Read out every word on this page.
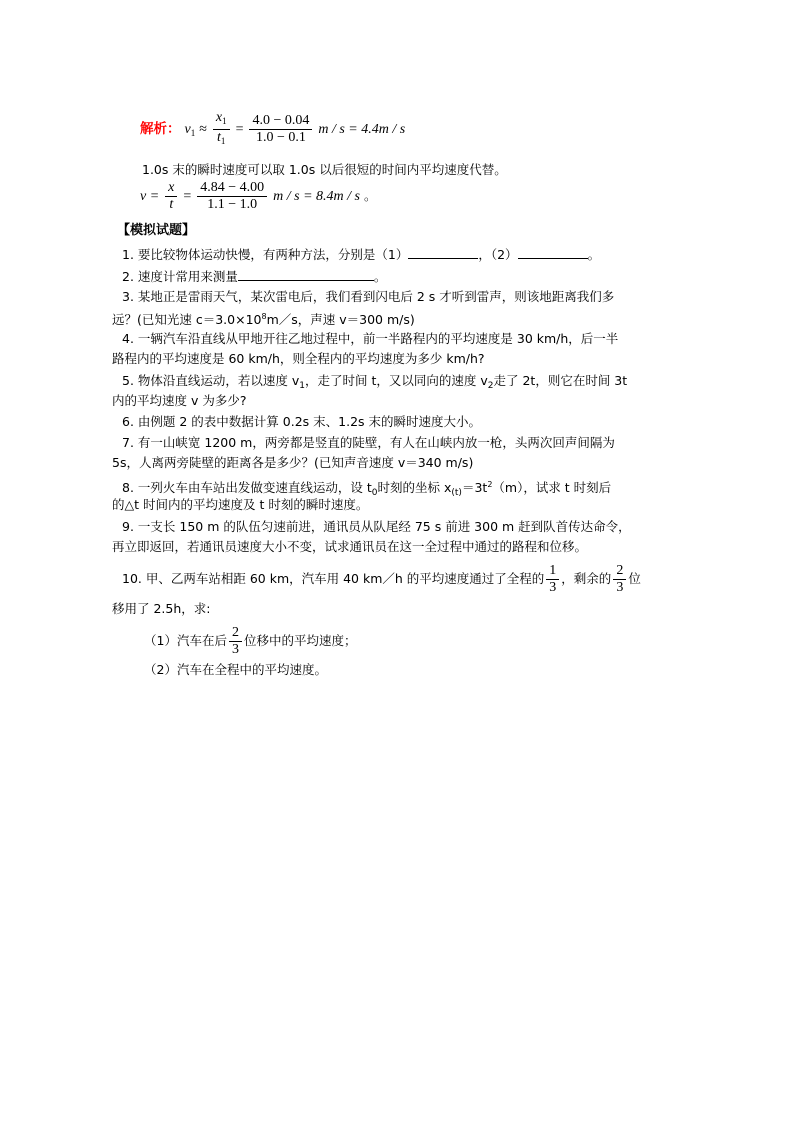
解析： $v_1 \approx \frac{x_1}{t_1} = \frac{4.0 - 0.04}{1.0 - 0.1}$ m / s = 4.4m / s
1.0s 末的瞬时速度可以取 1.0s 以后很短的时间内平均速度代替。
$v = \frac{x}{t} = \frac{4.84 - 4.00}{1.1 - 1.0}$ m / s = 8.4m / s 。
【模拟试题】
1. 要比较物体运动快慢，有两种方法，分别是（1）	，（2）	。
2. 速度计常用来测量	。
3. 某地正是雷雨天气，某次雷电后，我们看到闪电后 2 s 才听到雷声，则该地距离我们多
远？(已知光速 $c=3.0\times 10^8m/s$，声速 v＝300 m/s)
4. 一辆汽车沿直线从甲地开往乙地过程中，前一半路程内的平均速度是 30 km/h，后一半
路程内的平均速度是 60 km/h，则全程内的平均速度为多少 km/h?
5. 物体沿直线运动，若以速度 $v_1$，走了时间 t，又以同向的速度 $v_2$走了 2t，则它在时间 3t
内的平均速度 v 为多少?
6. 由例题 2 的表中数据计算 0.2s 末、1.2s 末的瞬时速度大小。
7. 有一山峡宽 1200 m，两旁都是竖直的陡壁，有人在山峡内放一枪，头两次回声间隔为
5s，人离两旁陡壁的距离各是多少？(已知声音速度 v＝340 m/s)
8. 一列火车由车站出发做变速直线运动，设 $t_0$时刻的坐标 $x_{(t)}=3t^2(m)$，试求 t 时刻后
的△t 时间内的平均速度及 t 时刻的瞬时速度。
9. 一支长 150 m 的队伍匀速前进，通讯员从队尾经 75 s 前进 300 m 赶到队首传达命令，
再立即返回，若通讯员速度大小不变，试求通讯员在这一全过程中通过的路程和位移。
10. 甲、乙两车站相距 60 km，汽车用 40 km／h 的平均速度通过了全程的 $\frac{1}{3}$ ，剩余的 $\frac{2}{3}$ 位
移用了 2.5h，求:
（1）汽车在后 $\frac{2}{3}$ 位移中的平均速度；
（2）汽车在全程中的平均速度。
